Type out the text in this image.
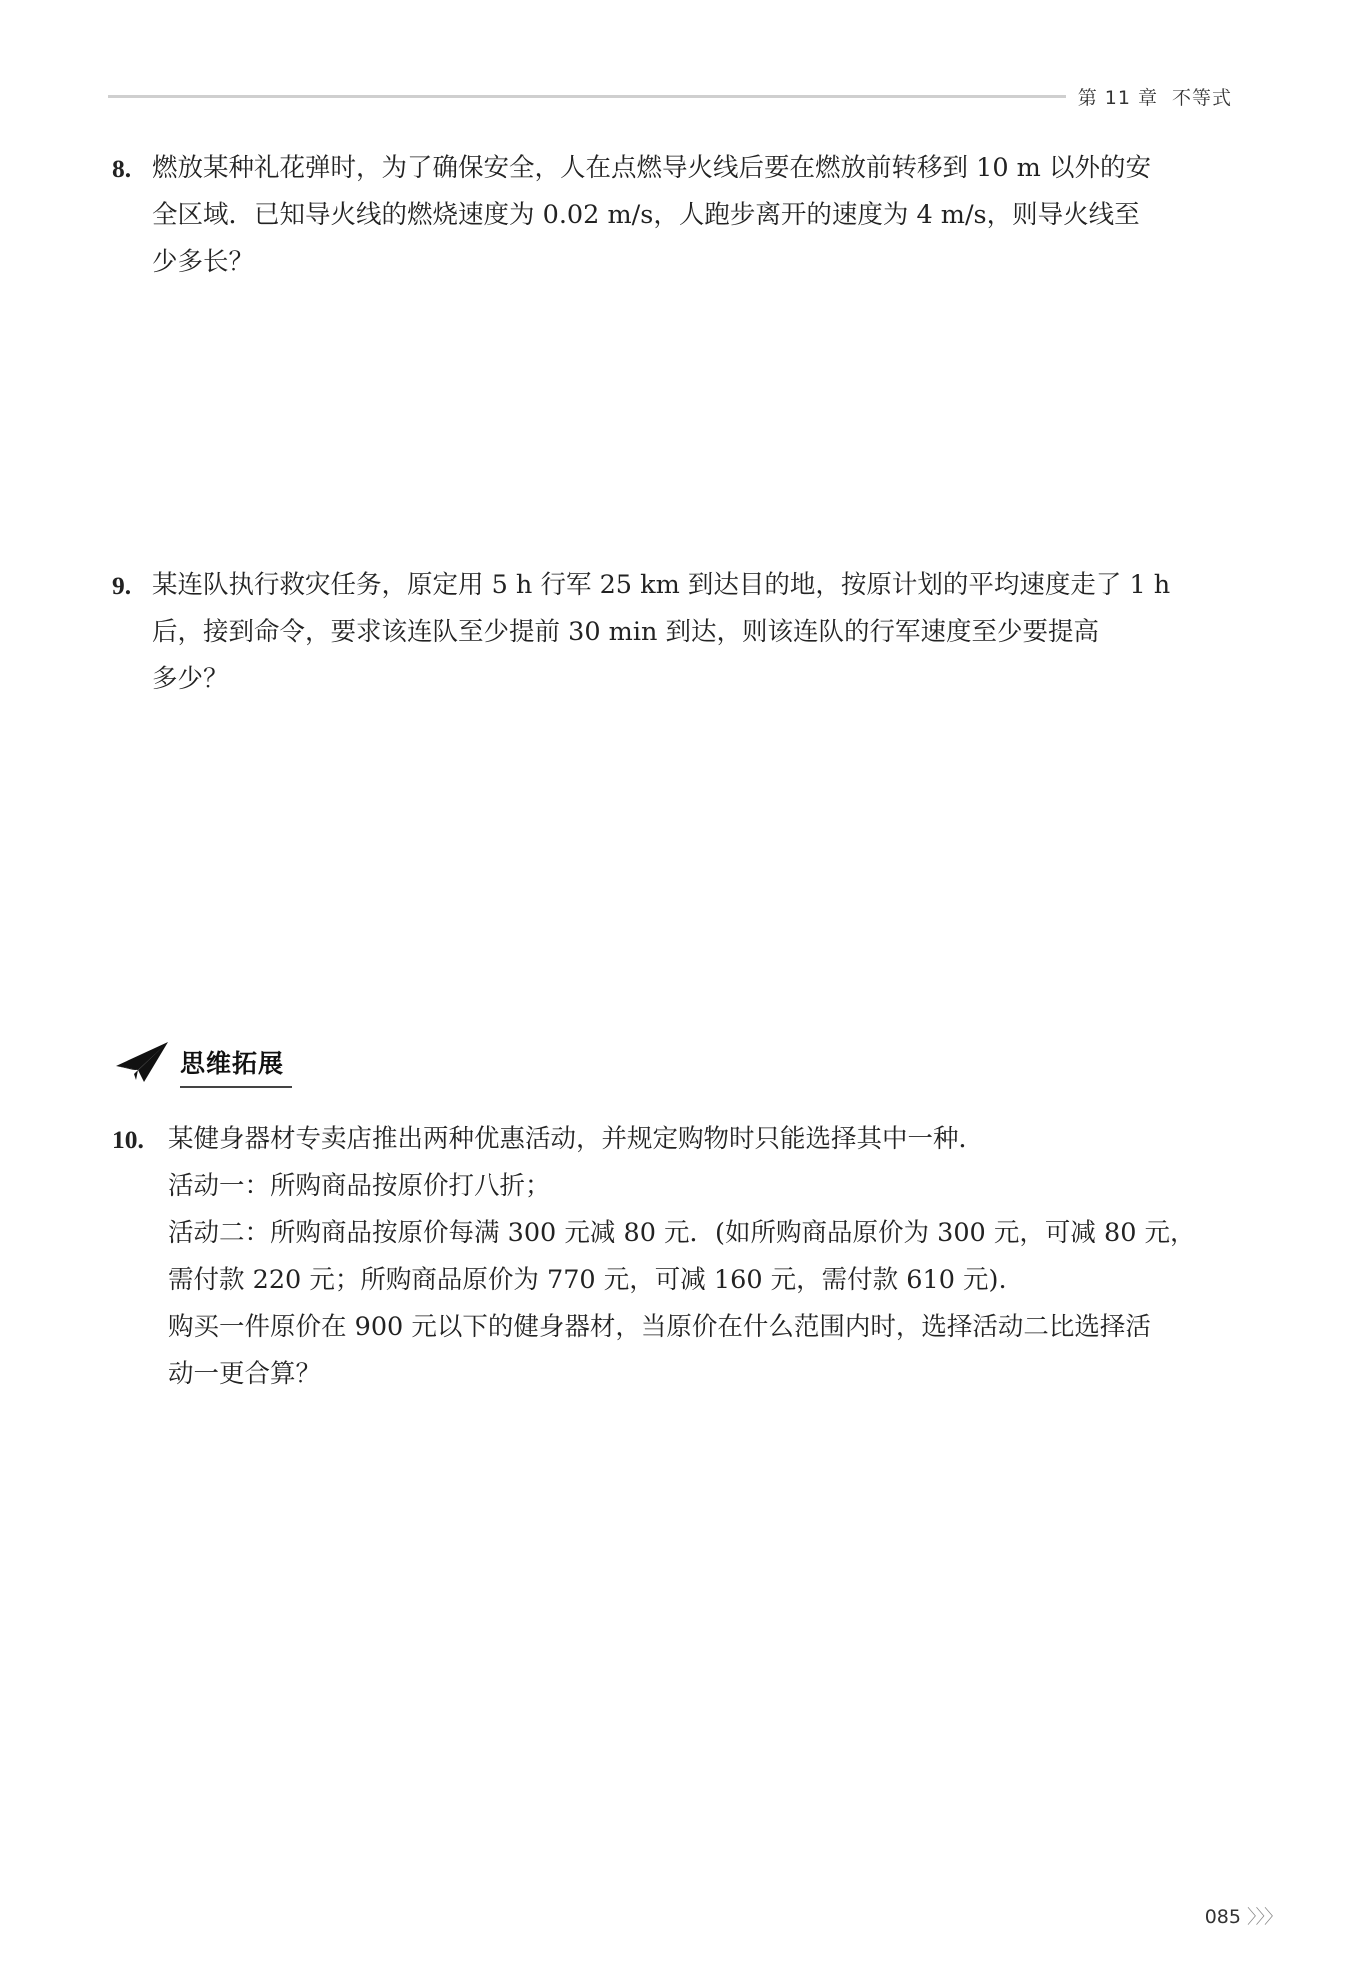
第 11 章 不等式
8. 燃放某种礼花弹时，为了确保安全，人在点燃导火线后要在燃放前转移到 10 m 以外的安
全区域．已知导火线的燃烧速度为 0.02 m/s，人跑步离开的速度为 4 m/s，则导火线至
少多长？
9. 某连队执行救灾任务，原定用 5 h 行军 25 km 到达目的地，按原计划的平均速度走了 1 h
后，接到命令，要求该连队至少提前 30 min 到达，则该连队的行军速度至少要提高
多少？
思维拓展
10. 某健身器材专卖店推出两种优惠活动，并规定购物时只能选择其中一种．
活动一：所购商品按原价打八折；
活动二：所购商品按原价每满 300 元减 80 元．(如所购商品原价为 300 元，可减 80 元，
需付款 220 元；所购商品原价为 770 元，可减 160 元，需付款 610 元).
购买一件原价在 900 元以下的健身器材，当原价在什么范围内时，选择活动二比选择活
动一更合算？
085 〉〉〉
